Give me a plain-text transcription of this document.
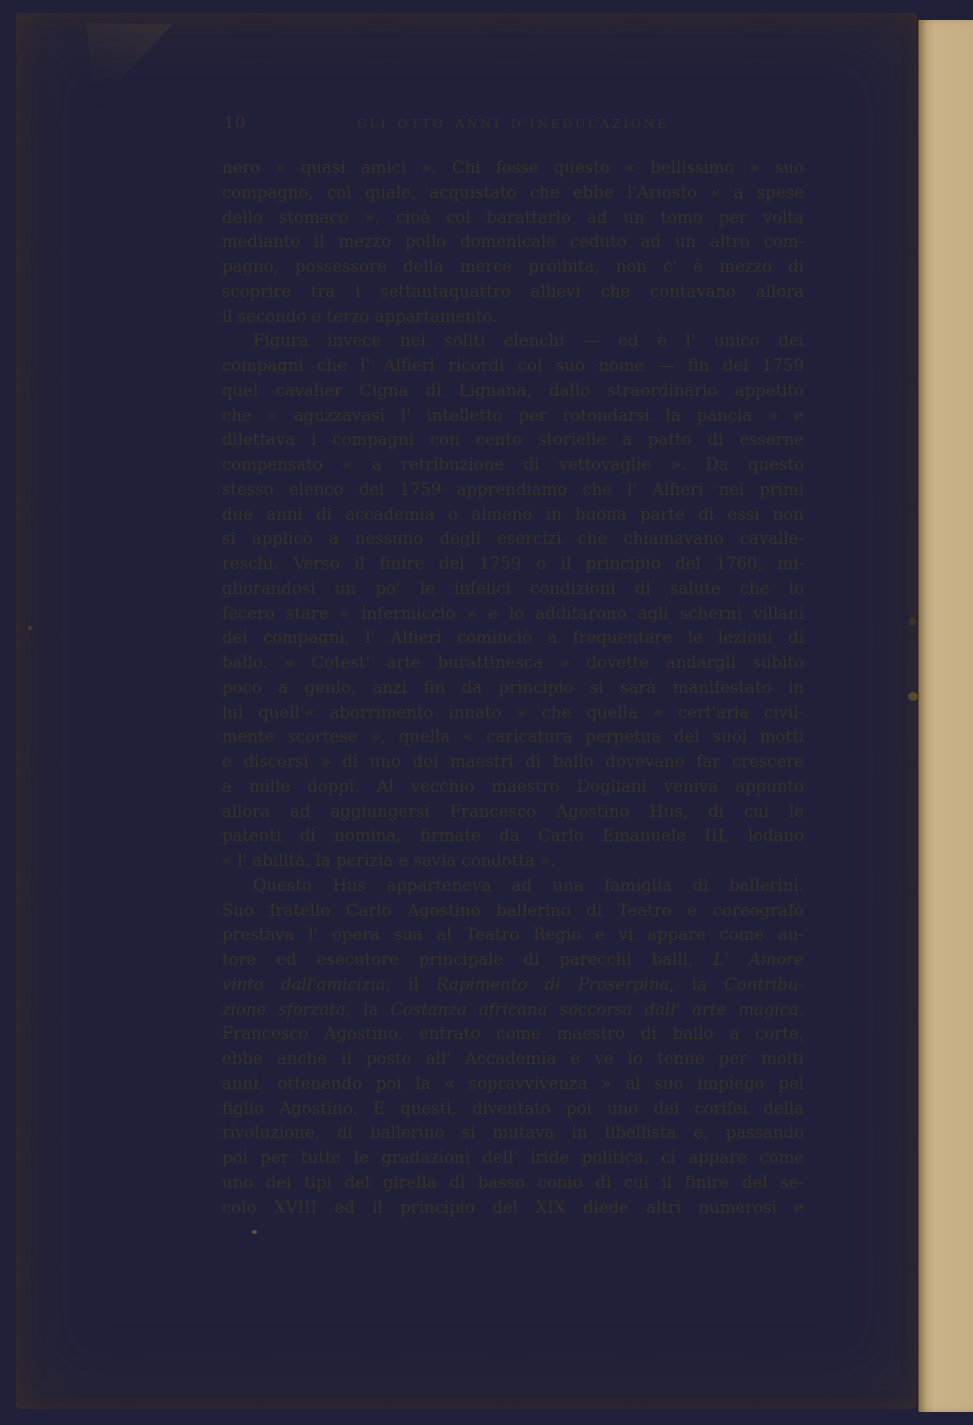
10	GLI OTTO ANNI D'INEDUCAZIONE
nero « quasi amici ». Chi fosse questo « bellissimo » suo
compagno, col quale, acquistato che ebbe l'Ariosto « a spese
dello stomaco », cioè col barattarlo ad un tomo per volta
mediante il mezzo pollo domenicale ceduto ad un altro com-
pagno, possessore della merce proibita, non c' è mezzo di
scoprire tra i settantaquattro allievi che contavano allora
il secondo e terzo appartamento.
Figura invece nei soliti elenchi — ed è l' unico dei
compagni che l' Alfieri ricordi col suo nome — fin del 1759
quel cavalier Cigna di Lignana, dallo straordinario appetito
che « aguzzavasi l' intelletto per rotondarsi la pancia » e
dilettava i compagni con cento storielle a patto di esserne
compensato « a retribuzione di vettovaglie ». Da questo
stesso elenco del 1759 apprendiamo che l' Alfieri nei primi
due anni di accademia o almeno in buona parte di essi non
si applicò a nessuno degli esercizi che chiamavano cavalle-
reschi. Verso il finire del 1759 o il principio del 1760, mi-
gliorandosi un po' le infelici condizioni di salute che lo
fecero stare « infermiccio » e lo additarono agli scherni villani
dei compagni, l' Alfieri cominciò a frequentare le lezioni di
ballo. « Cotest' arte burattinesca » dovette andargli subito
poco a genio, anzi fin da principio si sarà manifestato in
lui quell'« aborrimento innato » che quella « cert'aria civil-
mente scortese », quella « caricatura perpetua dei suoi motti
e discorsi » di uno dei maestri di ballo dovevano far crescere
a mille doppi. Al vecchio maestro Dogliani veniva appunto
allora ad aggiungersi Francesco Agostino Hus, di cui le
patenti di nomina, firmate da Carlo Emanuele III, lodano
« l' abilità, la perizia e savia condotta ».
Questo Hus apparteneva ad una famiglia di ballerini.
Suo fratello Carlo Agostino ballerino di Teatro e coreografo
prestava l' opera sua al Teatro Regio e vi appare come au-
tore ed esecutore principale di parecchi balli, L' Amore
vinto dall'amicizia, il Rapimento di Proserpina, la Contribu-
zione sforzata, la Costanza africana soccorsa dall' arte magica.
Francesco Agostino, entrato come maestro di ballo a corte,
ebbe anche il posto all' Accademia e ve lo tenne per molti
anni, ottenendo poi la « sopravvivenza » al suo impiego pel
figlio Agostino. E questi, diventato poi uno dei corifei della
rivoluzione, di ballerino si mutava in libellista e, passando
poi per tutte le gradazioni dell' iride politica, ci appare come
uno dei tipi del girella di basso conio di cui il finire del se-
colo XVIII ed il principio del XIX diede altri numerosi e
